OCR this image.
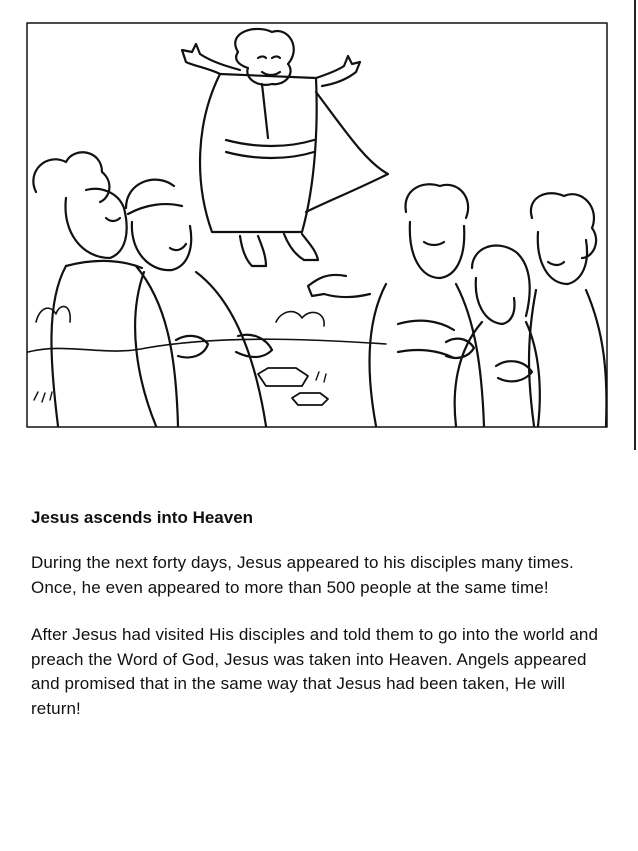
Jesus ascends into Heaven

During the next forty days, Jesus appeared to his disciples many times. Once, he even appeared to more than 500 people at the same time!

After Jesus had visited His disciples and told them to go into the world and preach the Word of God, Jesus was taken into Heaven. Angels appeared and promised that in the same way that Jesus had been taken, He will return!
